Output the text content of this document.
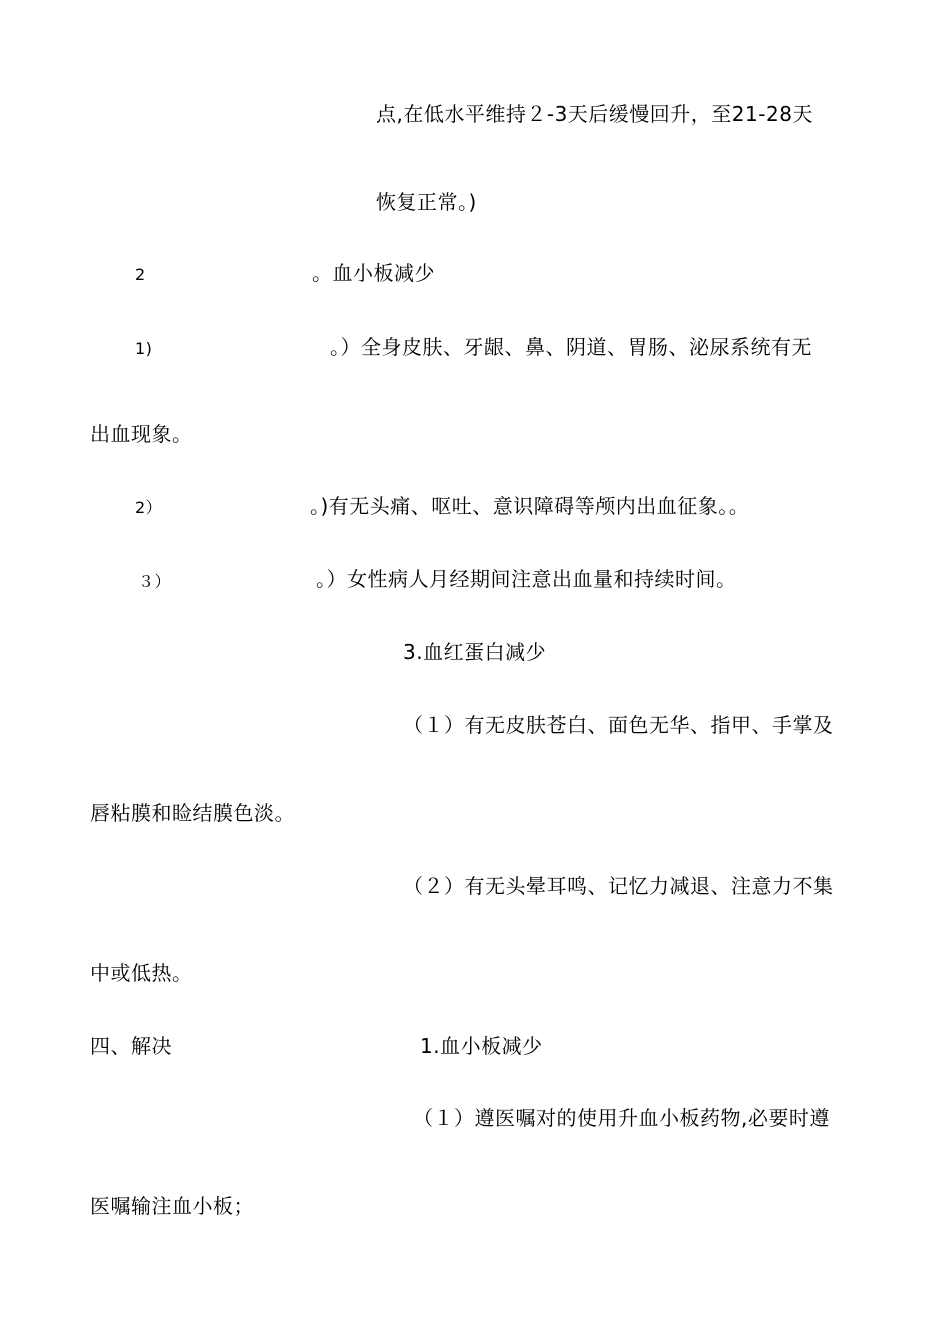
点,在低水平维持２-3天后缓慢回升，至21-28天
恢复正常。)
2	。血小板减少
1)	。）全身皮肤、牙龈、鼻、阴道、胃肠、泌尿系统有无
出血现象。
2）	。)有无头痛、呕吐、意识障碍等颅内出血征象。。
３）	。）女性病人月经期间注意出血量和持续时间。
3.血红蛋白减少
（１）有无皮肤苍白、面色无华、指甲、手掌及
唇粘膜和睑结膜色淡。
（２）有无头晕耳鸣、记忆力减退、注意力不集
中或低热。
四、解决	1.血小板减少
（１）遵医嘱对的使用升血小板药物,必要时遵
医嘱输注血小板；
